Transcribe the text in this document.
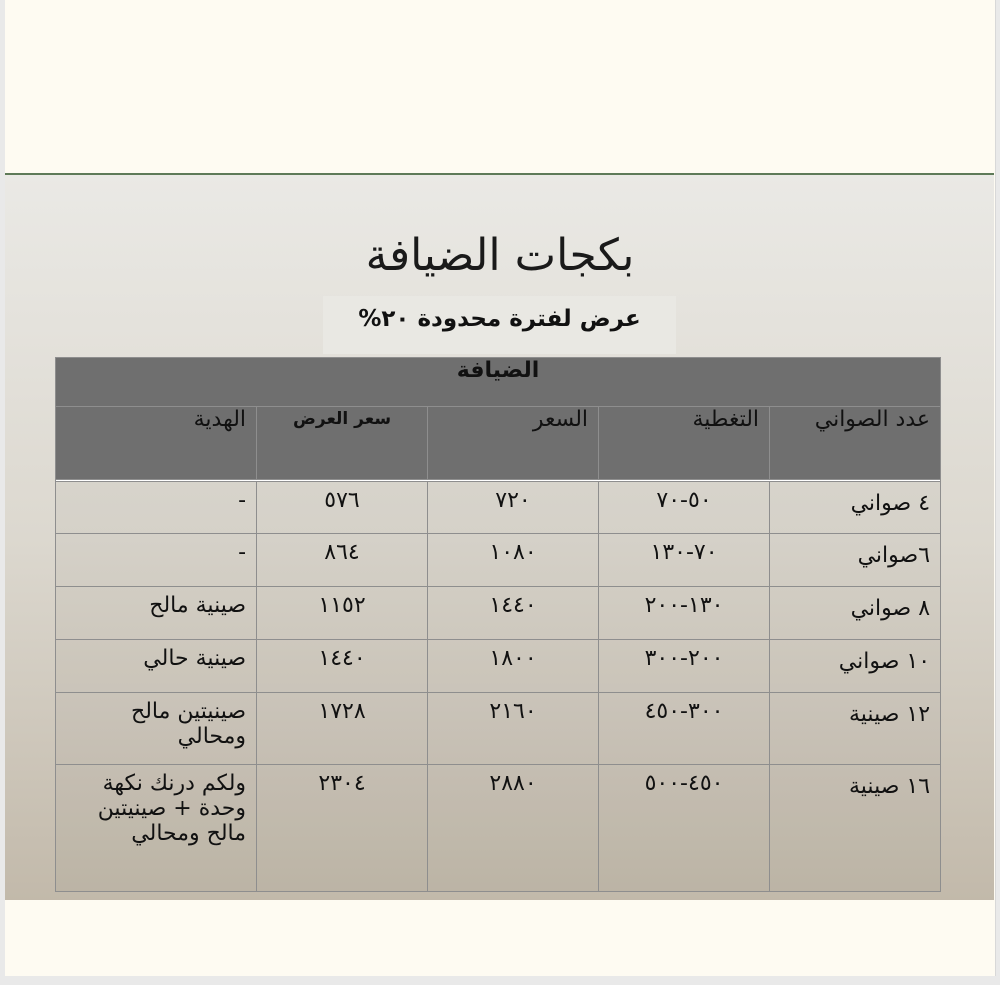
بكجات الضيافة
عرض لفترة محدودة ٢٠%
الضيافة				
عدد الصواني	التغطية	السعر	سعر العرض	الهدية

٤ صواني	٥٠-٧٠	٧٢٠	٥٧٦	-
٦صواني	٧٠-١٣٠	١٠٨٠	٨٦٤	-
٨ صواني	١٣٠-٢٠٠	١٤٤٠	١١٥٢	صينية مالح
١٠ صواني	٢٠٠-٣٠٠	١٨٠٠	١٤٤٠	صينية حالي
١٢ صينية	٣٠٠-٤٥٠	٢١٦٠	١٧٢٨	صينيتين مالح ومحالي
١٦ صينية	٤٥٠-٥٠٠	٢٨٨٠	٢٣٠٤	ولكم درنك نكهة وحدة + صينيتين مالح ومحالي
